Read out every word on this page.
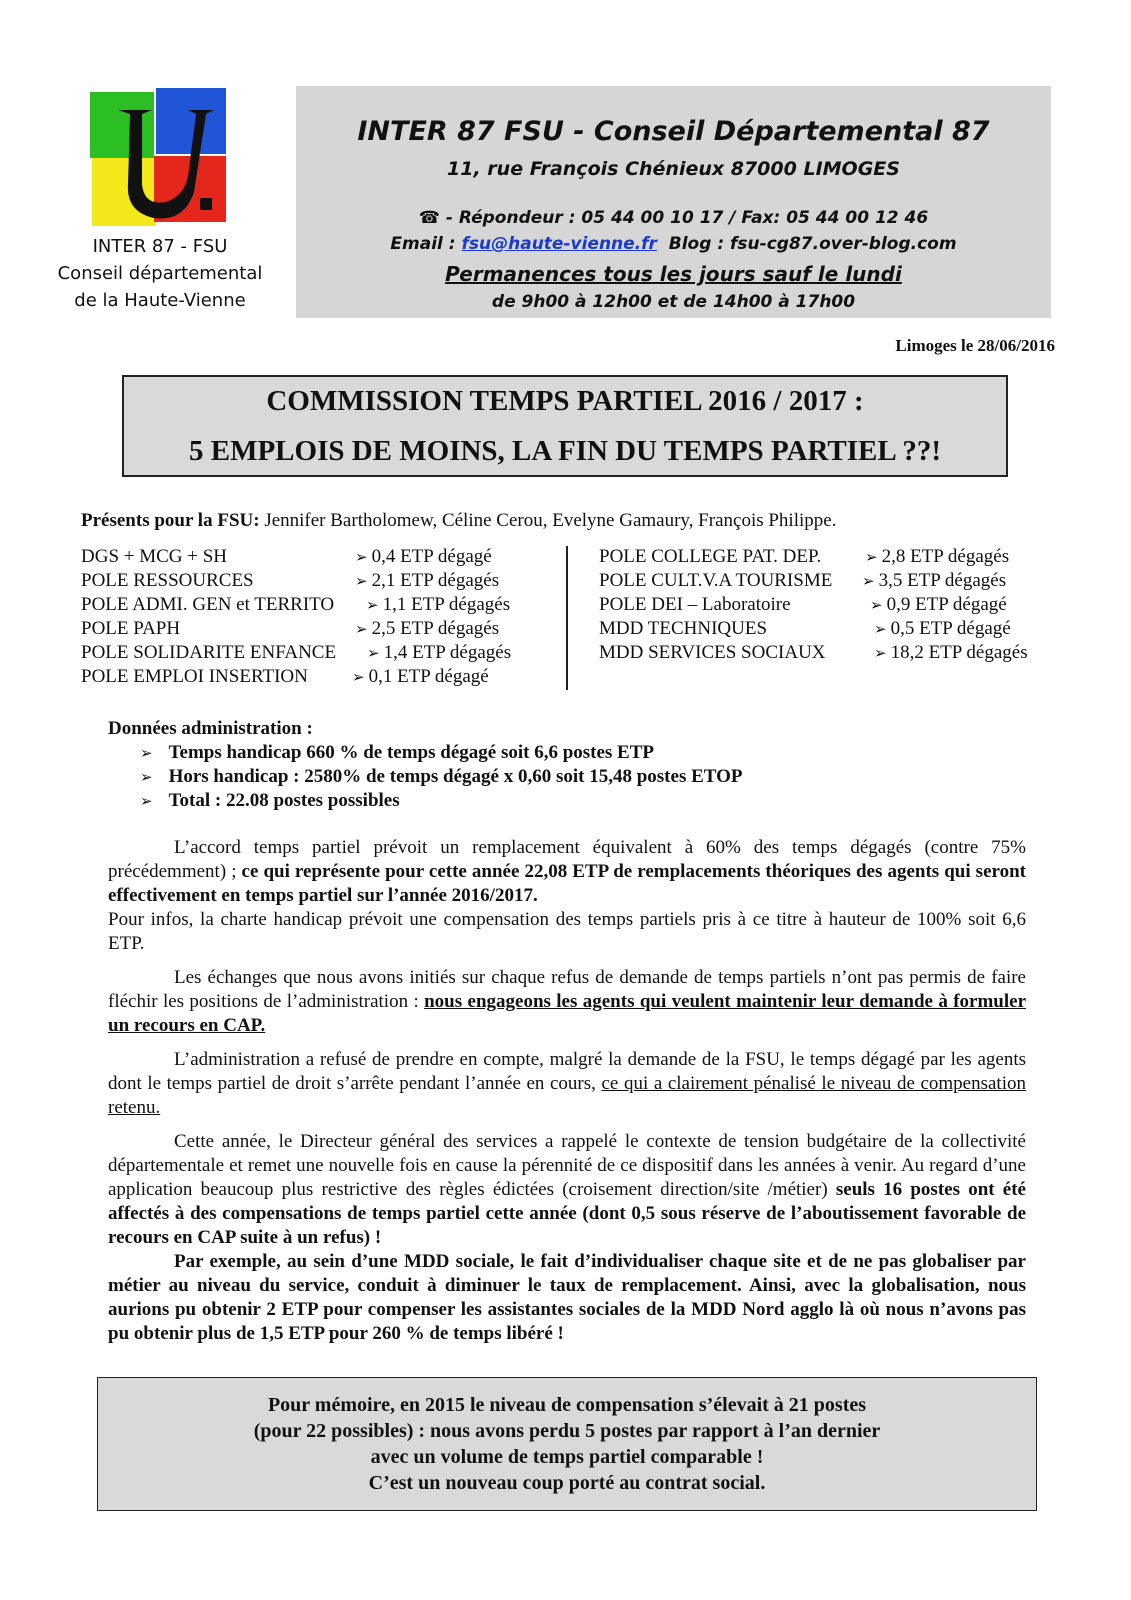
INTER 87 - FSU
Conseil départemental
de la Haute-Vienne
INTER 87 FSU - Conseil Départemental 87
11, rue François Chénieux 87000 LIMOGES
☎ - Répondeur : 05 44 00 10 17 / Fax: 05 44 00 12 46
Email : fsu@haute-vienne.fr Blog : fsu-cg87.over-blog.com
Permanences tous les jours sauf le lundi
de 9h00 à 12h00 et de 14h00 à 17h00
Limoges le 28/06/2016
COMMISSION TEMPS PARTIEL 2016 / 2017 :
5 EMPLOIS DE MOINS, LA FIN DU TEMPS PARTIEL ??!
Présents pour la FSU: Jennifer Bartholomew, Céline Cerou, Evelyne Gamaury, François Philippe.
DGS + MCG + SH	➢ 0,4 ETP dégagé
POLE RESSOURCES	➢ 2,1 ETP dégagés
POLE ADMI. GEN et TERRITO ➢ 1,1 ETP dégagés
POLE PAPH	➢ 2,5 ETP dégagés
POLE SOLIDARITE ENFANCE ➢ 1,4 ETP dégagés
POLE EMPLOI INSERTION	➢ 0,1 ETP dégagé
POLE COLLEGE PAT. DEP.	➢ 2,8 ETP dégagés
POLE CULT.V.A TOURISME ➢ 3,5 ETP dégagés
POLE DEI – Laboratoire	➢ 0,9 ETP dégagé
MDD TECHNIQUES	➢ 0,5 ETP dégagé
MDD SERVICES SOCIAUX	➢ 18,2 ETP dégagés
Données administration :
➢ Temps handicap 660 % de temps dégagé soit 6,6 postes ETP
➢ Hors handicap : 2580% de temps dégagé x 0,60 soit 15,48 postes ETOP
➢ Total : 22.08 postes possibles

L’accord temps partiel prévoit un remplacement équivalent à 60% des temps dégagés (contre 75% précédemment) ; ce qui représente pour cette année 22,08 ETP de remplacements théoriques des agents qui seront effectivement en temps partiel sur l’année 2016/2017.

Pour infos, la charte handicap prévoit une compensation des temps partiels pris à ce titre à hauteur de 100% soit 6,6 ETP.

Les échanges que nous avons initiés sur chaque refus de demande de temps partiels n’ont pas permis de faire fléchir les positions de l’administration : nous engageons les agents qui veulent maintenir leur demande à formuler un recours en CAP.

L’administration a refusé de prendre en compte, malgré la demande de la FSU, le temps dégagé par les agents dont le temps partiel de droit s’arrête pendant l’année en cours, ce qui a clairement pénalisé le niveau de compensation retenu.

Cette année, le Directeur général des services a rappelé le contexte de tension budgétaire de la collectivité départementale et remet une nouvelle fois en cause la pérennité de ce dispositif dans les années à venir. Au regard d’une application beaucoup plus restrictive des règles édictées (croisement direction/site /métier) seuls 16 postes ont été affectés à des compensations de temps partiel cette année (dont 0,5 sous réserve de l’aboutissement favorable de recours en CAP suite à un refus) !

Par exemple, au sein d’une MDD sociale, le fait d’individualiser chaque site et de ne pas globaliser par métier au niveau du service, conduit à diminuer le taux de remplacement. Ainsi, avec la globalisation, nous aurions pu obtenir 2 ETP pour compenser les assistantes sociales de la MDD Nord agglo là où nous n’avons pas pu obtenir plus de 1,5 ETP pour 260 % de temps libéré !

Pour mémoire, en 2015 le niveau de compensation s’élevait à 21 postes
(pour 22 possibles) : nous avons perdu 5 postes par rapport à l’an dernier
avec un volume de temps partiel comparable !
C’est un nouveau coup porté au contrat social.
